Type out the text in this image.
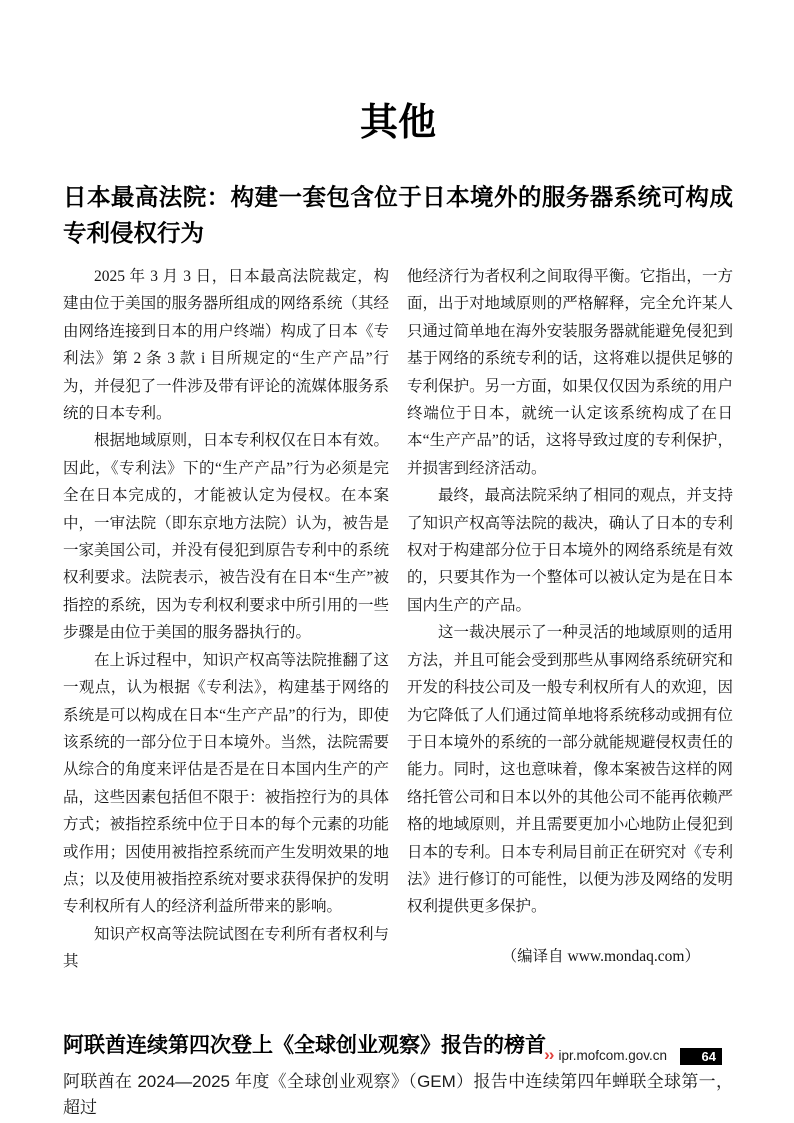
其他
日本最高法院：构建一套包含位于日本境外的服务器系统可构成专利侵权行为

2025 年 3 月 3 日，日本最高法院裁定，构建由位于美国的服务器所组成的网络系统（其经由网络连接到日本的用户终端）构成了日本《专利法》第 2 条 3 款 i 目所规定的“生产产品”行为，并侵犯了一件涉及带有评论的流媒体服务系统的日本专利。

根据地域原则，日本专利权仅在日本有效。因此，《专利法》下的“生产产品”行为必须是完全在日本完成的，才能被认定为侵权。在本案中，一审法院（即东京地方法院）认为，被告是一家美国公司，并没有侵犯到原告专利中的系统权利要求。法院表示，被告没有在日本“生产”被指控的系统，因为专利权利要求中所引用的一些步骤是由位于美国的服务器执行的。

在上诉过程中，知识产权高等法院推翻了这一观点，认为根据《专利法》，构建基于网络的系统是可以构成在日本“生产产品”的行为，即使该系统的一部分位于日本境外。当然，法院需要从综合的角度来评估是否是在日本国内生产的产品，这些因素包括但不限于：被指控行为的具体方式；被指控系统中位于日本的每个元素的功能或作用；因使用被指控系统而产生发明效果的地点；以及使用被指控系统对要求获得保护的发明专利权所有人的经济利益所带来的影响。

知识产权高等法院试图在专利所有者权利与其

他经济行为者权利之间取得平衡。它指出，一方面，出于对地域原则的严格解释，完全允许某人只通过简单地在海外安装服务器就能避免侵犯到基于网络的系统专利的话，这将难以提供足够的专利保护。另一方面，如果仅仅因为系统的用户终端位于日本，就统一认定该系统构成了在日本“生产产品”的话，这将导致过度的专利保护，并损害到经济活动。

最终，最高法院采纳了相同的观点，并支持了知识产权高等法院的裁决，确认了日本的专利权对于构建部分位于日本境外的网络系统是有效的，只要其作为一个整体可以被认定为是在日本国内生产的产品。

这一裁决展示了一种灵活的地域原则的适用方法，并且可能会受到那些从事网络系统研究和开发的科技公司及一般专利权所有人的欢迎，因为它降低了人们通过简单地将系统移动或拥有位于日本境外的系统的一部分就能规避侵权责任的能力。同时，这也意味着，像本案被告这样的网络托管公司和日本以外的其他公司不能再依赖严格的地域原则，并且需要更加小心地防止侵犯到日本的专利。日本专利局目前正在研究对《专利法》进行修订的可能性，以便为涉及网络的发明权利提供更多保护。

（编译自 www.mondaq.com）

阿联酋连续第四次登上《全球创业观察》报告的榜首

阿联酋在 2024—2025 年度《全球创业观察》（GEM）报告中连续第四年蝉联全球第一，超过

›› ipr.mofcom.gov.cn	64
